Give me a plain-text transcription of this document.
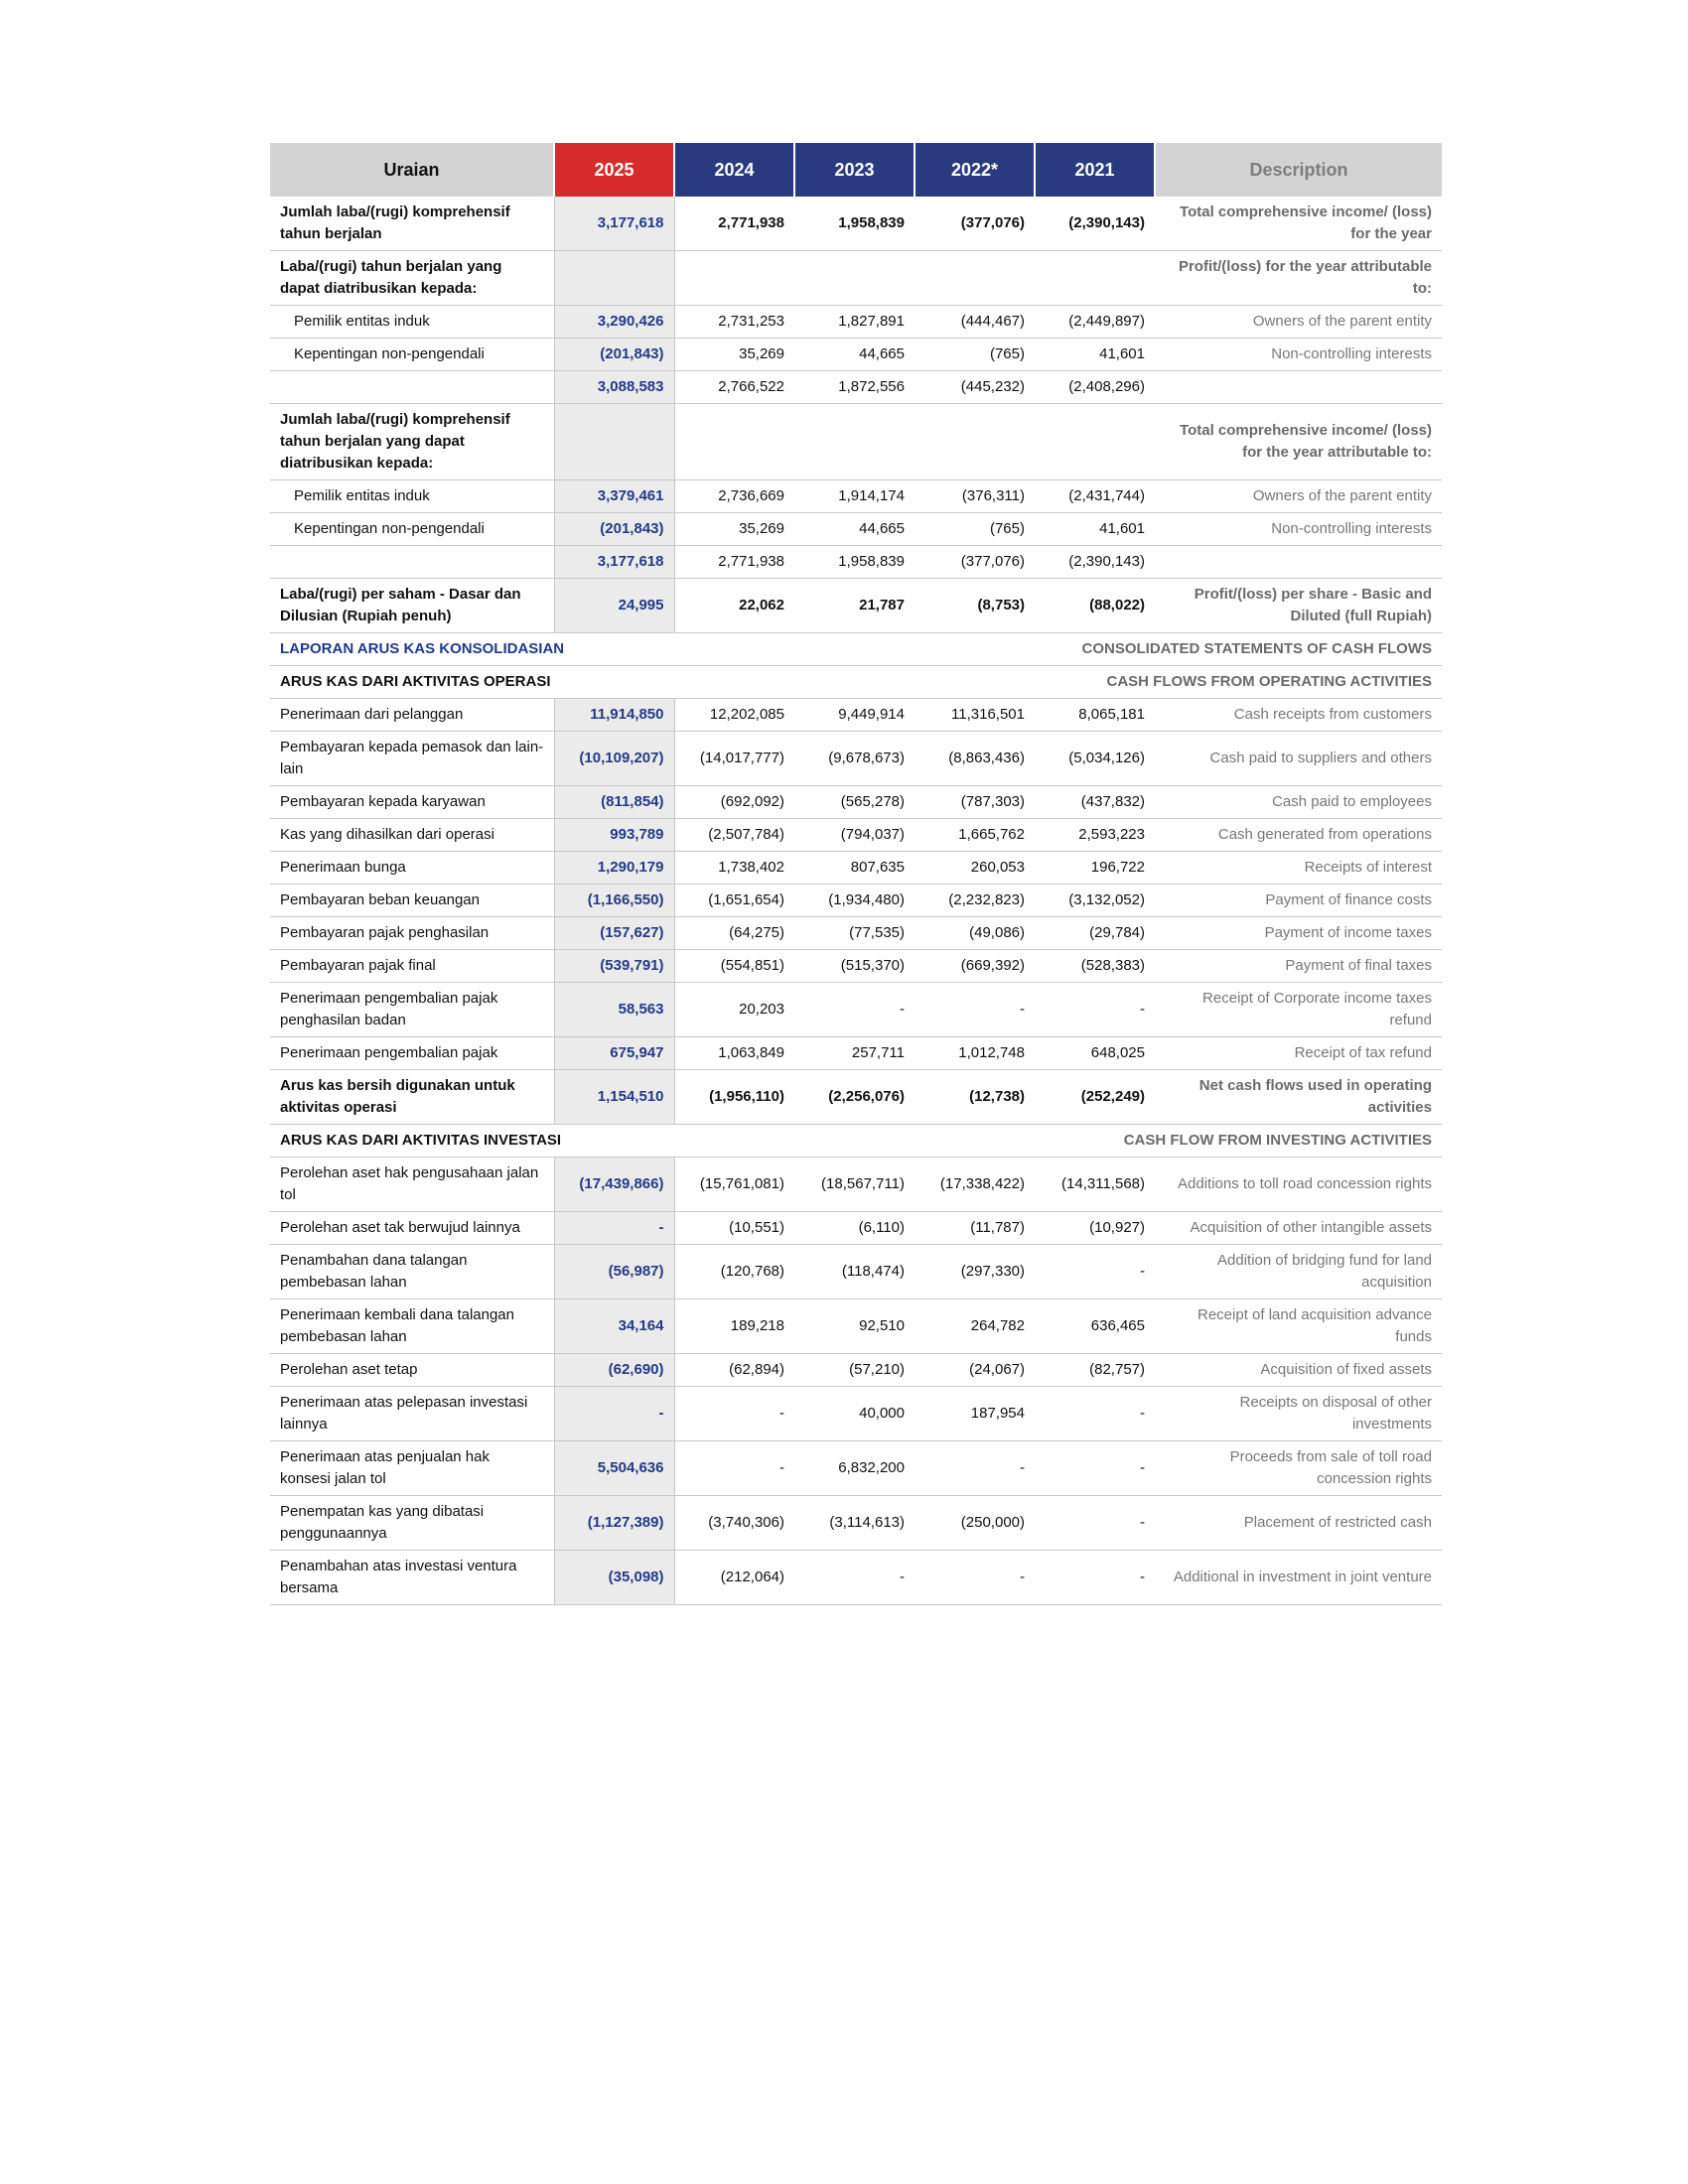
Uraian	2025	2024	2023	2022*	2021	Description
Jumlah laba/(rugi) komprehensif tahun berjalan	3,177,618	2,771,938	1,958,839	(377,076)	(2,390,143)	Total comprehensive income/ (loss) for the year
Laba/(rugi) tahun berjalan yang dapat diatribusikan kepada:						Profit/(loss) for the year attributable to:
Pemilik entitas induk	3,290,426	2,731,253	1,827,891	(444,467)	(2,449,897)	Owners of the parent entity
Kepentingan non-pengendali	(201,843)	35,269	44,665	(765)	41,601	Non-controlling interests
	3,088,583	2,766,522	1,872,556	(445,232)	(2,408,296)	
Jumlah laba/(rugi) komprehensif tahun berjalan yang dapat diatribusikan kepada:						Total comprehensive income/ (loss) for the year attributable to:
Pemilik entitas induk	3,379,461	2,736,669	1,914,174	(376,311)	(2,431,744)	Owners of the parent entity
Kepentingan non-pengendali	(201,843)	35,269	44,665	(765)	41,601	Non-controlling interests
	3,177,618	2,771,938	1,958,839	(377,076)	(2,390,143)	
Laba/(rugi) per saham - Dasar dan Dilusian (Rupiah penuh)	24,995	22,062	21,787	(8,753)	(88,022)	Profit/(loss) per share - Basic and Diluted (full Rupiah)
LAPORAN ARUS KAS KONSOLIDASIAN				CONSOLIDATED STATEMENTS OF CASH FLOWS		
ARUS KAS DARI AKTIVITAS OPERASI				CASH FLOWS FROM OPERATING ACTIVITIES		
Penerimaan dari pelanggan	11,914,850	12,202,085	9,449,914	11,316,501	8,065,181	Cash receipts from customers
Pembayaran kepada pemasok dan lain-lain	(10,109,207)	(14,017,777)	(9,678,673)	(8,863,436)	(5,034,126)	Cash paid to suppliers and others
Pembayaran kepada karyawan	(811,854)	(692,092)	(565,278)	(787,303)	(437,832)	Cash paid to employees
Kas yang dihasilkan dari operasi	993,789	(2,507,784)	(794,037)	1,665,762	2,593,223	Cash generated from operations
Penerimaan bunga	1,290,179	1,738,402	807,635	260,053	196,722	Receipts of interest
Pembayaran beban keuangan	(1,166,550)	(1,651,654)	(1,934,480)	(2,232,823)	(3,132,052)	Payment of finance costs
Pembayaran pajak penghasilan	(157,627)	(64,275)	(77,535)	(49,086)	(29,784)	Payment of income taxes
Pembayaran pajak final	(539,791)	(554,851)	(515,370)	(669,392)	(528,383)	Payment of final taxes
Penerimaan pengembalian pajak penghasilan badan	58,563	20,203	-	-	-	Receipt of Corporate income taxes refund
Penerimaan pengembalian pajak	675,947	1,063,849	257,711	1,012,748	648,025	Receipt of tax refund
Arus kas bersih digunakan untuk aktivitas operasi	1,154,510	(1,956,110)	(2,256,076)	(12,738)	(252,249)	Net cash flows used in operating activities
ARUS KAS DARI AKTIVITAS INVESTASI				CASH FLOW FROM INVESTING ACTIVITIES		
Perolehan aset hak pengusahaan jalan tol	(17,439,866)	(15,761,081)	(18,567,711)	(17,338,422)	(14,311,568)	Additions to toll road concession rights
Perolehan aset tak berwujud lainnya	-	(10,551)	(6,110)	(11,787)	(10,927)	Acquisition of other intangible assets
Penambahan dana talangan pembebasan lahan	(56,987)	(120,768)	(118,474)	(297,330)	-	Addition of bridging fund for land acquisition
Penerimaan kembali dana talangan pembebasan lahan	34,164	189,218	92,510	264,782	636,465	Receipt of land acquisition advance funds
Perolehan aset tetap	(62,690)	(62,894)	(57,210)	(24,067)	(82,757)	Acquisition of fixed assets
Penerimaan atas pelepasan investasi lainnya	-	-	40,000	187,954	-	Receipts on disposal of other investments
Penerimaan atas penjualan hak konsesi jalan tol	5,504,636	-	6,832,200	-	-	Proceeds from sale of toll road concession rights
Penempatan kas yang dibatasi penggunaannya	(1,127,389)	(3,740,306)	(3,114,613)	(250,000)	-	Placement of restricted cash
Penambahan atas investasi ventura bersama	(35,098)	(212,064)	-	-	-	Additional in investment in joint venture
